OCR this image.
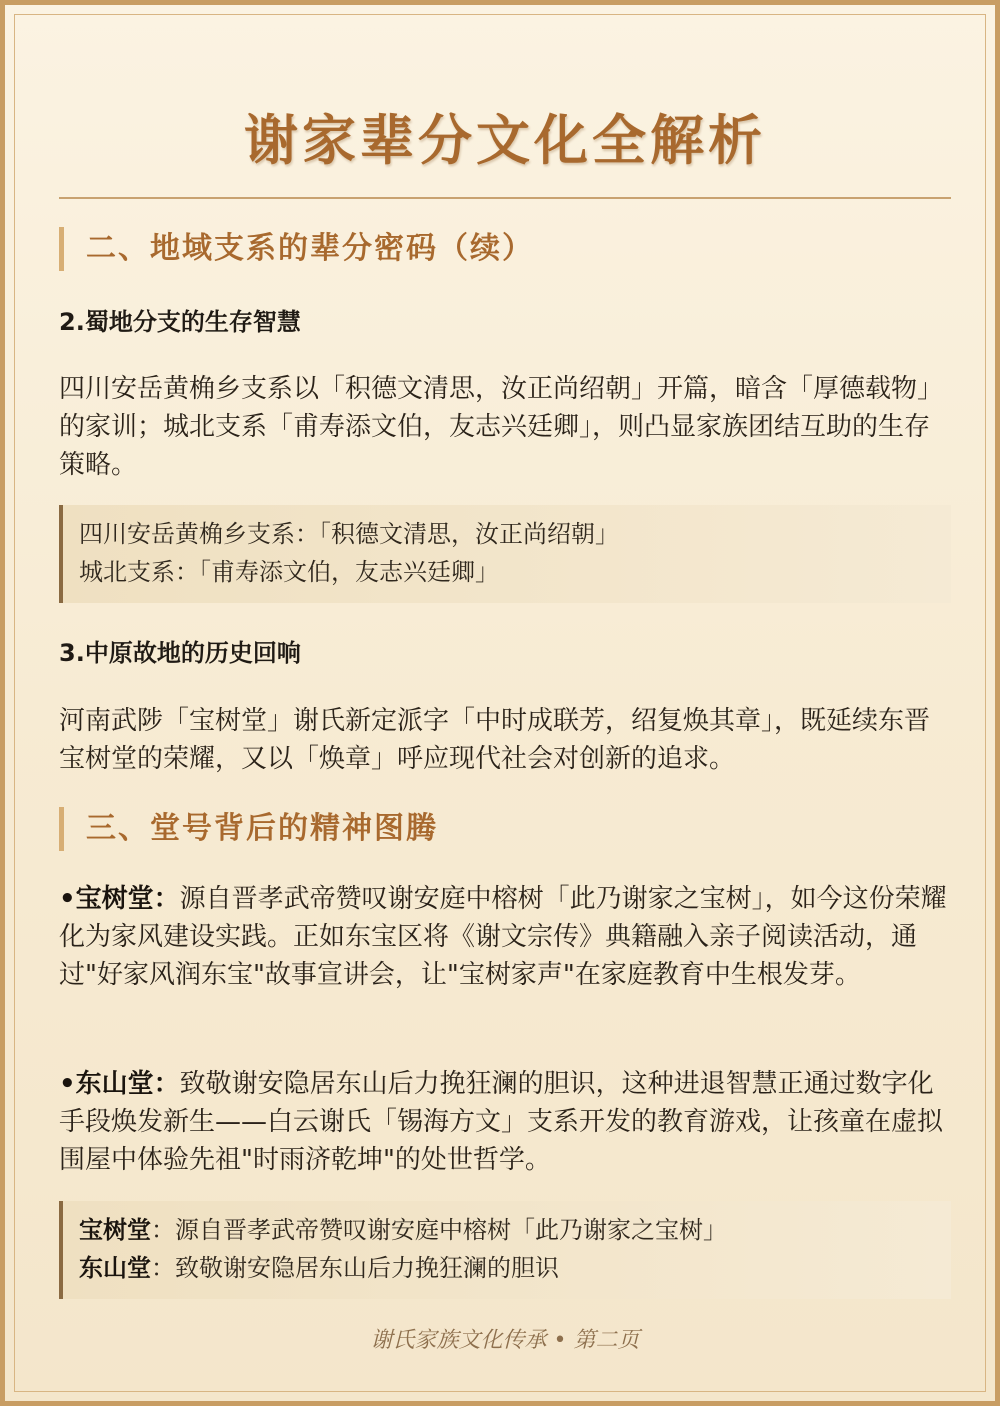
谢家辈分文化全解析
二、地域支系的辈分密码（续）
2.蜀地分支的生存智慧
四川安岳黄桷乡支系以「积德文清思，汝正尚绍朝」开篇，暗含「厚德载物」的家训；城北支系「甫寿添文伯，友志兴廷卿」，则凸显家族团结互助的生存策略。
四川安岳黄桷乡支系：「积德文清思，汝正尚绍朝」
城北支系：「甫寿添文伯，友志兴廷卿」
3.中原故地的历史回响
河南武陟「宝树堂」谢氏新定派字「中时成联芳，绍复焕其章」，既延续东晋宝树堂的荣耀，又以「焕章」呼应现代社会对创新的追求。
三、堂号背后的精神图腾
•宝树堂：源自晋孝武帝赞叹谢安庭中榕树「此乃谢家之宝树」，如今这份荣耀化为家风建设实践。正如东宝区将《谢文宗传》典籍融入亲子阅读活动，通过"好家风润东宝"故事宣讲会，让"宝树家声"在家庭教育中生根发芽。
•东山堂：致敬谢安隐居东山后力挽狂澜的胆识，这种进退智慧正通过数字化手段焕发新生——白云谢氏「锡海方文」支系开发的教育游戏，让孩童在虚拟围屋中体验先祖"时雨济乾坤"的处世哲学。
宝树堂：源自晋孝武帝赞叹谢安庭中榕树「此乃谢家之宝树」
东山堂：致敬谢安隐居东山后力挽狂澜的胆识
谢氏家族文化传承 • 第二页
